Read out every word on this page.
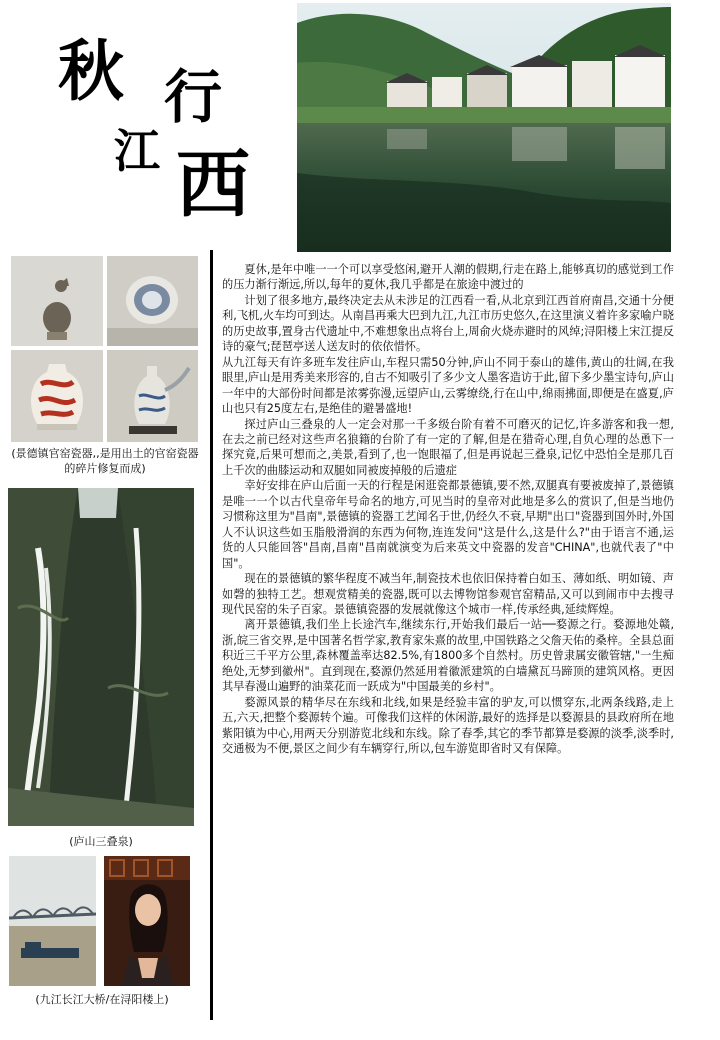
秋 行
江 西
(景德镇官窑瓷器,,是用出土的官窑瓷器的碎片修复而成)
(庐山三叠泉)
(九江长江大桥/在浔阳楼上)

夏休,是年中唯一一个可以享受悠闲,避开人潮的假期,行走在路上,能够真切的感觉到工作的压力渐行渐远,所以,每年的夏休,我几乎都是在旅途中渡过的

计划了很多地方,最终决定去从未涉足的江西看一看,从北京到江西首府南昌,交通十分便利,飞机,火车均可到达。从南昌再乘大巴到九江,九江市历史悠久,在这里演义着许多家喻户晓的历史故事,置身古代遗址中,不难想象出点将台上,周俞火烧赤避时的风绰;浔阳楼上宋江提反诗的豪气;琵琶亭送人送友时的依依惜怀。

从九江每天有许多班车发往庐山,车程只需50分钟,庐山不同于泰山的雄伟,黄山的壮阔,在我眼里,庐山是用秀美来形容的,自古不知吸引了多少文人墨客造访于此,留下多少墨宝诗句,庐山一年中的大部份时间都是浓雾弥漫,远望庐山,云雾缭绕,行在山中,绵雨拂面,即便是在盛夏,庐山也只有25度左右,是绝佳的避暑盛地!

探过庐山三叠泉的人一定会对那一千多级台阶有着不可磨灭的记忆,许多游客和我一想,在去之前已经对这些声名狼籍的台阶了有一定的了解,但是在猎奇心理,自负心理的怂恿下一探究竟,后果可想而之,美景,看到了,也一饱眼福了,但是再说起三叠泉,记忆中恐怕全是那几百上千次的曲膝运动和双腿如同被废掉般的后遗症

幸好安排在庐山后面一天的行程是闲逛瓷都景德镇,要不然,双腿真有要被废掉了,景德镇是唯一一个以古代皇帝年号命名的地方,可见当时的皇帝对此地是多么的赏识了,但是当地仍习惯称这里为"昌南",景德镇的瓷器工艺闻名于世,仍经久不衰,早期"出口"瓷器到国外时,外国人不认识这些如玉脂般滑润的东西为何物,连连发问"这是什么,这是什么?"由于语言不通,运货的人只能回答"昌南,昌南"昌南就演变为后来英文中瓷器的发音"CHINA",也就代表了"中国"。

现在的景德镇的繁华程度不减当年,制瓷技术也依旧保持着白如玉、薄如纸、明如镜、声如磬的独特工艺。想观赏精美的瓷器,既可以去博物馆参观官窑精品,又可以到闹市中去搜寻现代民窑的朱子百家。景德镇瓷器的发展就像这个城市一样,传承经典,延续辉煌。

离开景德镇,我们坐上长途汽车,继续东行,开始我们最后一站──婺源之行。婺源地处赣,浙,皖三省交界,是中国著名哲学家,教育家朱熹的故里,中国铁路之父詹天佑的桑梓。全县总面积近三千平方公里,森林覆盖率达82.5%,有1800多个自然村。历史曾隶属安徽管辖,"一生痴绝处,无梦到徽州"。直到现在,婺源仍然延用着徽派建筑的白墙黛瓦马蹄顶的建筑风格。更因其早春漫山遍野的油菜花而一跃成为"中国最美的乡村"。

婺源风景的精华尽在东线和北线,如果是经验丰富的驴友,可以惯穿东,北两条线路,走上五,六天,把整个婺源转个遍。可像我们这样的休闲游,最好的选择是以婺源县的县政府所在地紫阳镇为中心,用两天分别游览北线和东线。除了春季,其它的季节都算是婺源的淡季,淡季时,交通极为不便,景区之间少有车辆穿行,所以,包车游览即省时又有保障。
